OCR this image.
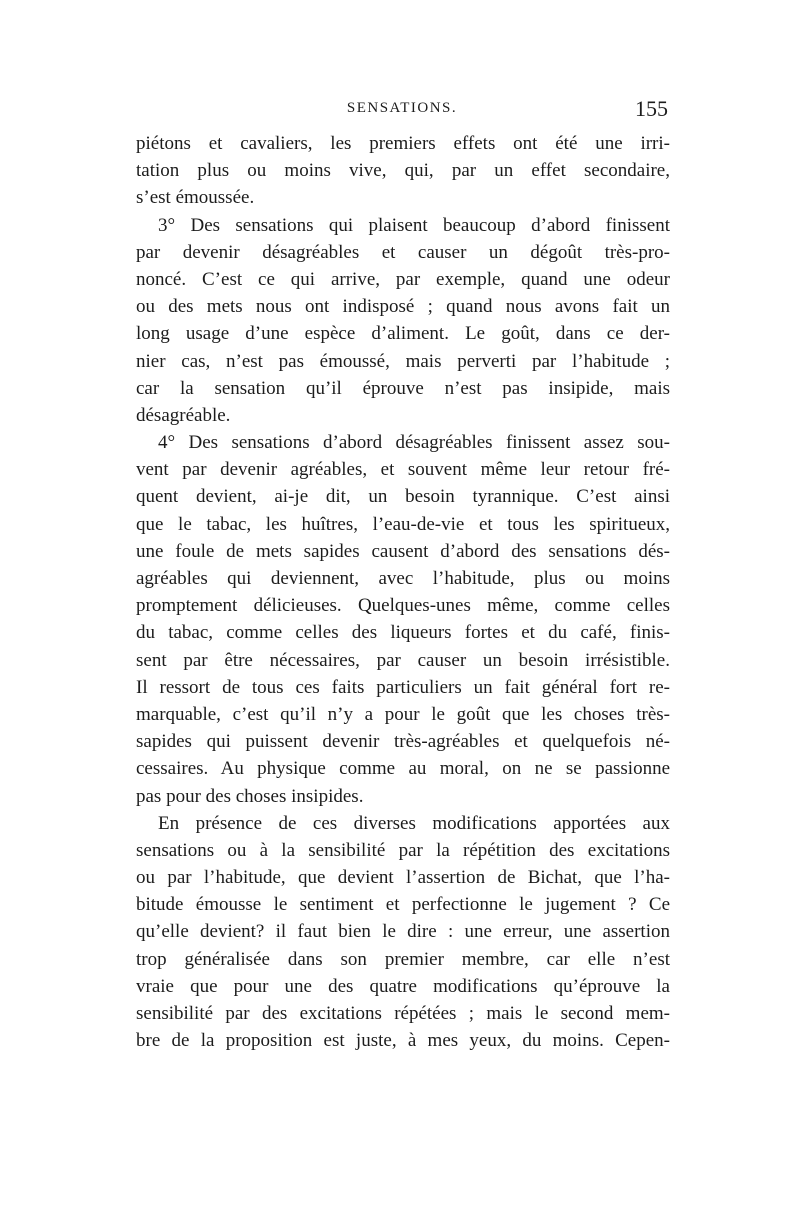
SENSATIONS.	155
piétons et cavaliers, les premiers effets ont été une irri-
tation plus ou moins vive, qui, par un effet secondaire,
s’est émoussée.
3° Des sensations qui plaisent beaucoup d’abord finissent
par devenir désagréables et causer un dégoût très-pro-
noncé. C’est ce qui arrive, par exemple, quand une odeur
ou des mets nous ont indisposé ; quand nous avons fait un
long usage d’une espèce d’aliment. Le goût, dans ce der-
nier cas, n’est pas émoussé, mais perverti par l’habitude ;
car la sensation qu’il éprouve n’est pas insipide, mais
désagréable.
4° Des sensations d’abord désagréables finissent assez sou-
vent par devenir agréables, et souvent même leur retour fré-
quent devient, ai-je dit, un besoin tyrannique. C’est ainsi
que le tabac, les huîtres, l’eau-de-vie et tous les spiritueux,
une foule de mets sapides causent d’abord des sensations dés-
agréables qui deviennent, avec l’habitude, plus ou moins
promptement délicieuses. Quelques-unes même, comme celles
du tabac, comme celles des liqueurs fortes et du café, finis-
sent par être nécessaires, par causer un besoin irrésistible.
Il ressort de tous ces faits particuliers un fait général fort re-
marquable, c’est qu’il n’y a pour le goût que les choses très-
sapides qui puissent devenir très-agréables et quelquefois né-
cessaires. Au physique comme au moral, on ne se passionne
pas pour des choses insipides.
En présence de ces diverses modifications apportées aux
sensations ou à la sensibilité par la répétition des excitations
ou par l’habitude, que devient l’assertion de Bichat, que l’ha-
bitude émousse le sentiment et perfectionne le jugement ? Ce
qu’elle devient? il faut bien le dire : une erreur, une assertion
trop généralisée dans son premier membre, car elle n’est
vraie que pour une des quatre modifications qu’éprouve la
sensibilité par des excitations répétées ; mais le second mem-
bre de la proposition est juste, à mes yeux, du moins. Cepen-
